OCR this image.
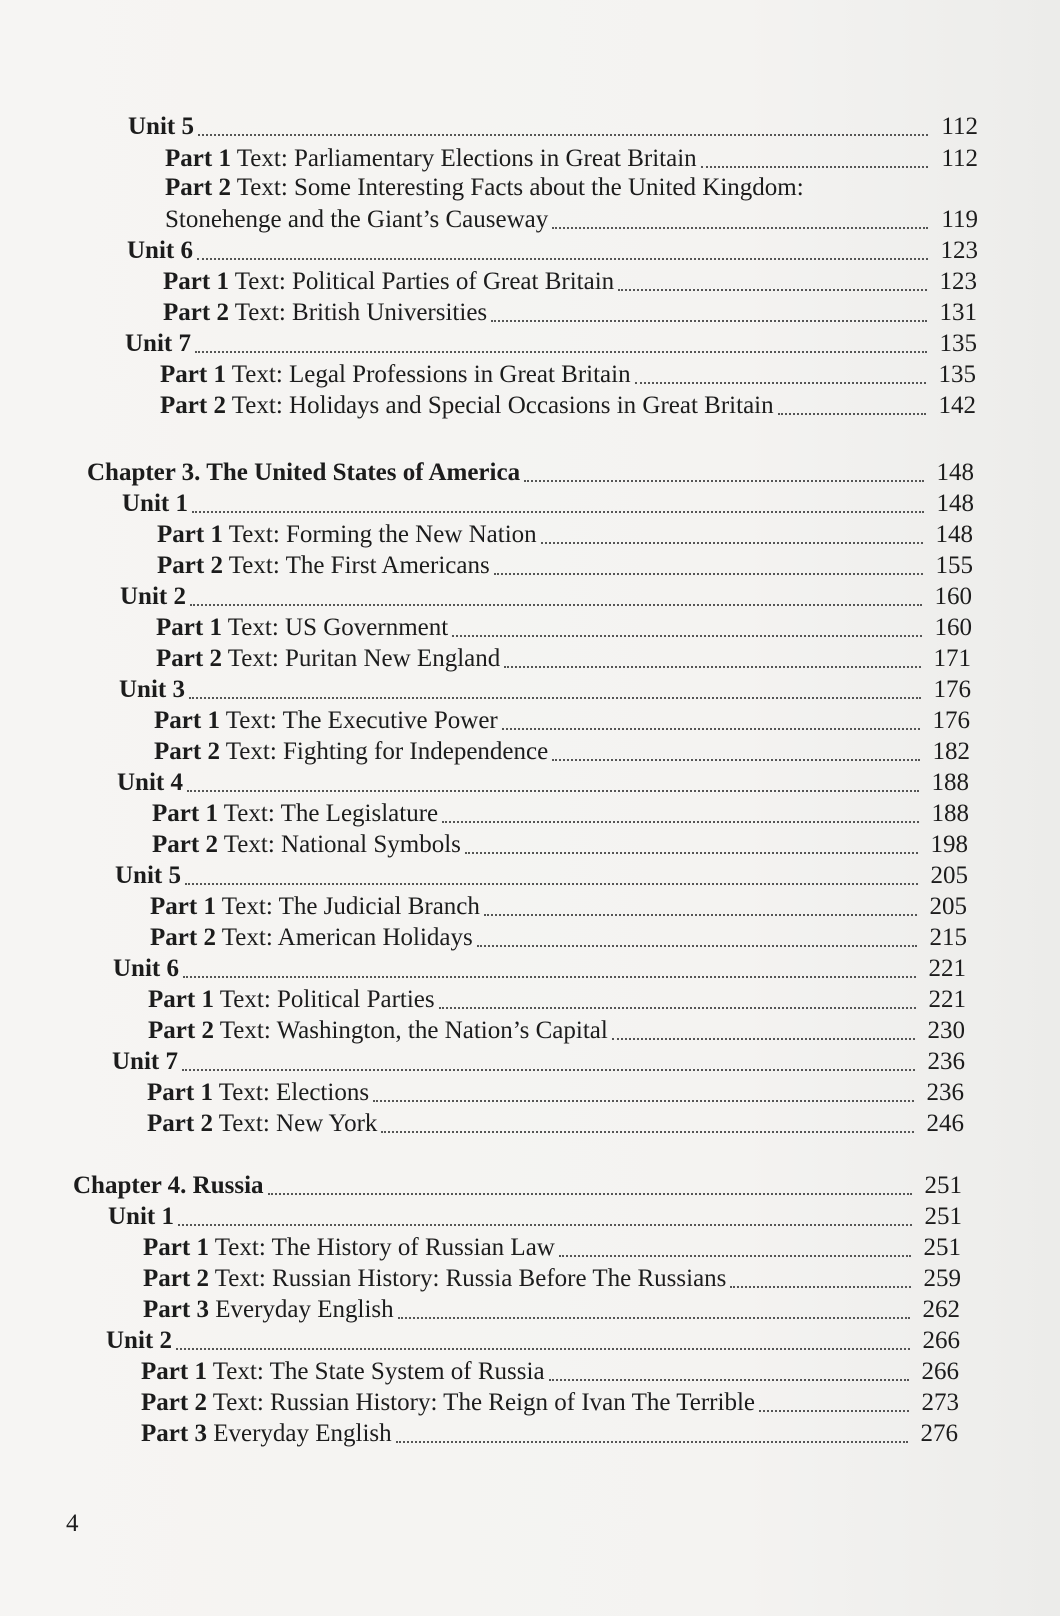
Unit 5	112
Part 1 Text: Parliamentary Elections in Great Britain	112
Part 2 Text: Some Interesting Facts about the United Kingdom:
Stonehenge and the Giant’s Causeway	119
Unit 6	123
Part 1 Text: Political Parties of Great Britain	123
Part 2 Text: British Universities	131
Unit 7	135
Part 1 Text: Legal Professions in Great Britain	135
Part 2 Text: Holidays and Special Occasions in Great Britain	142
Chapter 3. The United States of America	148
Unit 1	148
Part 1 Text: Forming the New Nation	148
Part 2 Text: The First Americans	155
Unit 2	160
Part 1 Text: US Government	160
Part 2 Text: Puritan New England	171
Unit 3	176
Part 1 Text: The Executive Power	176
Part 2 Text: Fighting for Independence	182
Unit 4	188
Part 1 Text: The Legislature	188
Part 2 Text: National Symbols	198
Unit 5	205
Part 1 Text: The Judicial Branch	205
Part 2 Text: American Holidays	215
Unit 6	221
Part 1 Text: Political Parties	221
Part 2 Text: Washington, the Nation’s Capital	230
Unit 7	236
Part 1 Text: Elections	236
Part 2 Text: New York	246
Chapter 4. Russia	251
Unit 1	251
Part 1 Text: The History of Russian Law	251
Part 2 Text: Russian History: Russia Before The Russians	259
Part 3 Everyday English	262
Unit 2	266
Part 1 Text: The State System of Russia	266
Part 2 Text: Russian History: The Reign of Ivan The Terrible	273
Part 3 Everyday English	276
4
